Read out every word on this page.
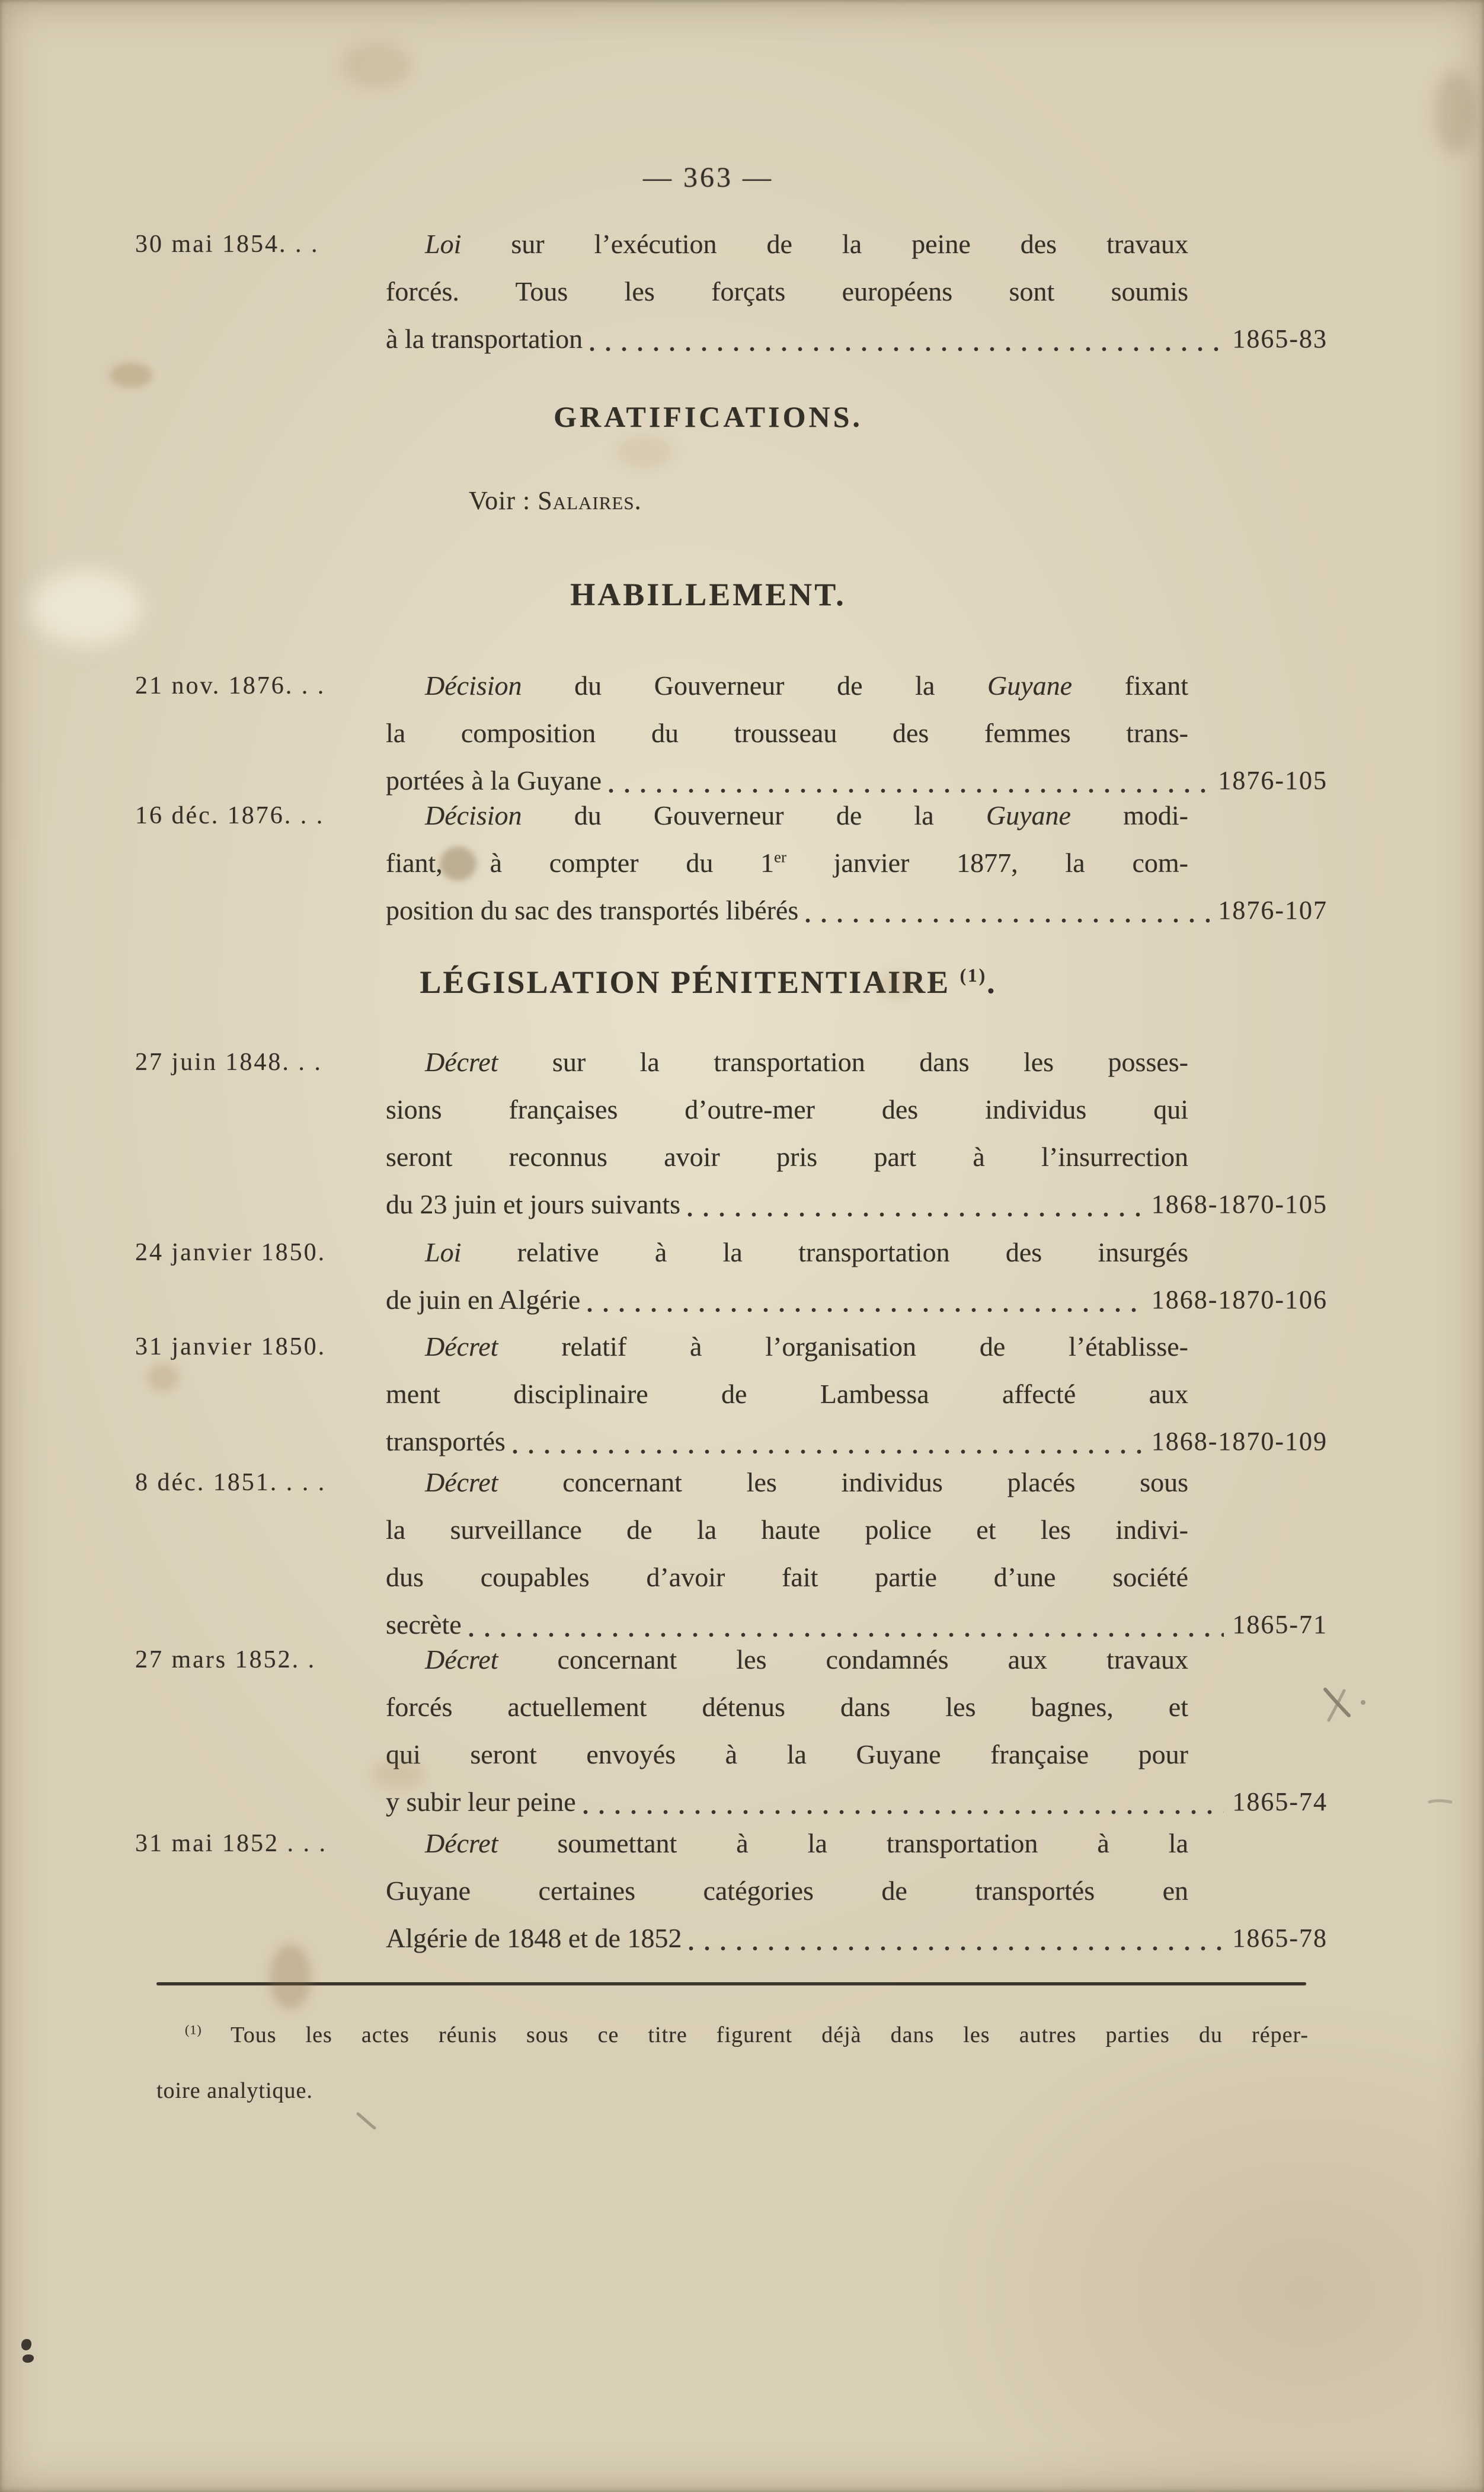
— 363 —
GRATIFICATIONS.
Voir : Salaires.
HABILLEMENT.
LÉGISLATION PÉNITENTIAIRE $^{(1)}$.
30 mai 1854. . .	Loi sur l’exécution de la peine des travaux
forcés. Tous les forçats européens sont soumis
à la transportation	1865-83
21 nov. 1876. . .	Décision du Gouverneur de la Guyane fixant
la composition du trousseau des femmes trans-
portées à la Guyane	1876-105
16 déc. 1876. . .	Décision du Gouverneur de la Guyane modi-
fiant, à compter du 1er janvier 1877, la com-
position du sac des transportés libérés	1876-107
27 juin 1848. . .	Décret sur la transportation dans les posses-
sions françaises d’outre-mer des individus qui
seront reconnus avoir pris part à l’insurrection
du 23 juin et jours suivants	1868-1870-105
24 janvier 1850.	Loi relative à la transportation des insurgés
de juin en Algérie	1868-1870-106
31 janvier 1850.	Décret relatif à l’organisation de l’établisse-
ment disciplinaire de Lambessa affecté aux
transportés	1868-1870-109
8 déc. 1851. . . .	Décret concernant les individus placés sous
la surveillance de la haute police et les indivi-
dus coupables d’avoir fait partie d’une société
secrète	1865-71
27 mars 1852. .	Décret concernant les condamnés aux travaux
forcés actuellement détenus dans les bagnes, et
qui seront envoyés à la Guyane française pour
y subir leur peine	1865-74
31 mai 1852 . . .	Décret soumettant à la transportation à la
Guyane certaines catégories de transportés en
Algérie de 1848 et de 1852	1865-78
$^{(1)}$ Tous les actes réunis sous ce titre figurent déjà dans les autres parties du réper-
toire analytique.
